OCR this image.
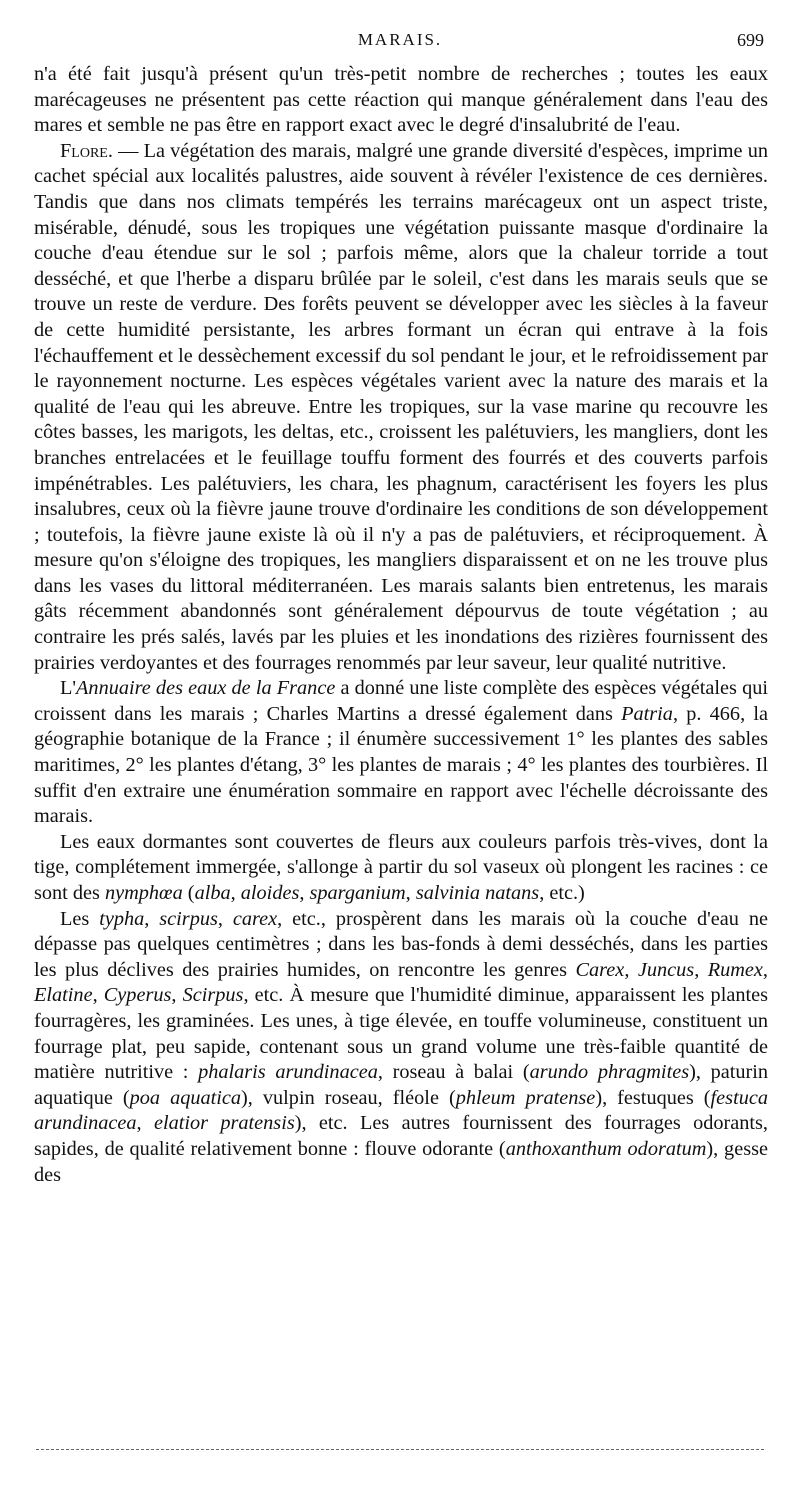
MARAIS.	699

n'a été fait jusqu'à présent qu'un très-petit nombre de recherches ; toutes les eaux marécageuses ne présentent pas cette réaction qui manque généralement dans l'eau des mares et semble ne pas être en rapport exact avec le degré d'insalubrité de l'eau.

Flore. — La végétation des marais, malgré une grande diversité d'espèces, imprime un cachet spécial aux localités palustres, aide souvent à révéler l'existence de ces dernières. Tandis que dans nos climats tempérés les terrains marécageux ont un aspect triste, misérable, dénudé, sous les tropiques une végétation puissante masque d'ordinaire la couche d'eau étendue sur le sol ; parfois même, alors que la chaleur torride a tout desséché, et que l'herbe a disparu brûlée par le soleil, c'est dans les marais seuls que se trouve un reste de verdure. Des forêts peuvent se développer avec les siècles à la faveur de cette humidité persistante, les arbres formant un écran qui entrave à la fois l'échauffement et le dessèchement excessif du sol pendant le jour, et le refroidissement par le rayonnement nocturne. Les espèces végétales varient avec la nature des marais et la qualité de l'eau qui les abreuve. Entre les tropiques, sur la vase marine qu recouvre les côtes basses, les marigots, les deltas, etc., croissent les palétuviers, les mangliers, dont les branches entrelacées et le feuillage touffu forment des fourrés et des couverts parfois impénétrables. Les palétuviers, les chara, les phagnum, caractérisent les foyers les plus insalubres, ceux où la fièvre jaune trouve d'ordinaire les conditions de son développement ; toutefois, la fièvre jaune existe là où il n'y a pas de palétuviers, et réciproquement. À mesure qu'on s'éloigne des tropiques, les mangliers disparaissent et on ne les trouve plus dans les vases du littoral méditerranéen. Les marais salants bien entretenus, les marais gâts récemment abandonnés sont généralement dépourvus de toute végétation ; au contraire les prés salés, lavés par les pluies et les inondations des rizières fournissent des prairies verdoyantes et des fourrages renommés par leur saveur, leur qualité nutritive.

L'Annuaire des eaux de la France a donné une liste complète des espèces végétales qui croissent dans les marais ; Charles Martins a dressé également dans Patria, p. 466, la géographie botanique de la France ; il énumère successivement 1° les plantes des sables maritimes, 2° les plantes d'étang, 3° les plantes de marais ; 4° les plantes des tourbières. Il suffit d'en extraire une énumération sommaire en rapport avec l'échelle décroissante des marais.

Les eaux dormantes sont couvertes de fleurs aux couleurs parfois très-vives, dont la tige, complétement immergée, s'allonge à partir du sol vaseux où plongent les racines : ce sont des nymphœa (alba, aloides, sparganium, salvinia natans, etc.)

Les typha, scirpus, carex, etc., prospèrent dans les marais où la couche d'eau ne dépasse pas quelques centimètres ; dans les bas-fonds à demi desséchés, dans les parties les plus déclives des prairies humides, on rencontre les genres Carex, Juncus, Rumex, Elatine, Cyperus, Scirpus, etc. À mesure que l'humidité diminue, apparaissent les plantes fourragères, les graminées. Les unes, à tige élevée, en touffe volumineuse, constituent un fourrage plat, peu sapide, contenant sous un grand volume une très-faible quantité de matière nutritive : phalaris arundinacea, roseau à balai (arundo phragmites), paturin aquatique (poa aquatica), vulpin roseau, fléole (phleum pratense), festuques (festuca arundinacea, elatior pratensis), etc. Les autres fournissent des fourrages odorants, sapides, de qualité relativement bonne : flouve odorante (anthoxanthum odoratum), gesse des
